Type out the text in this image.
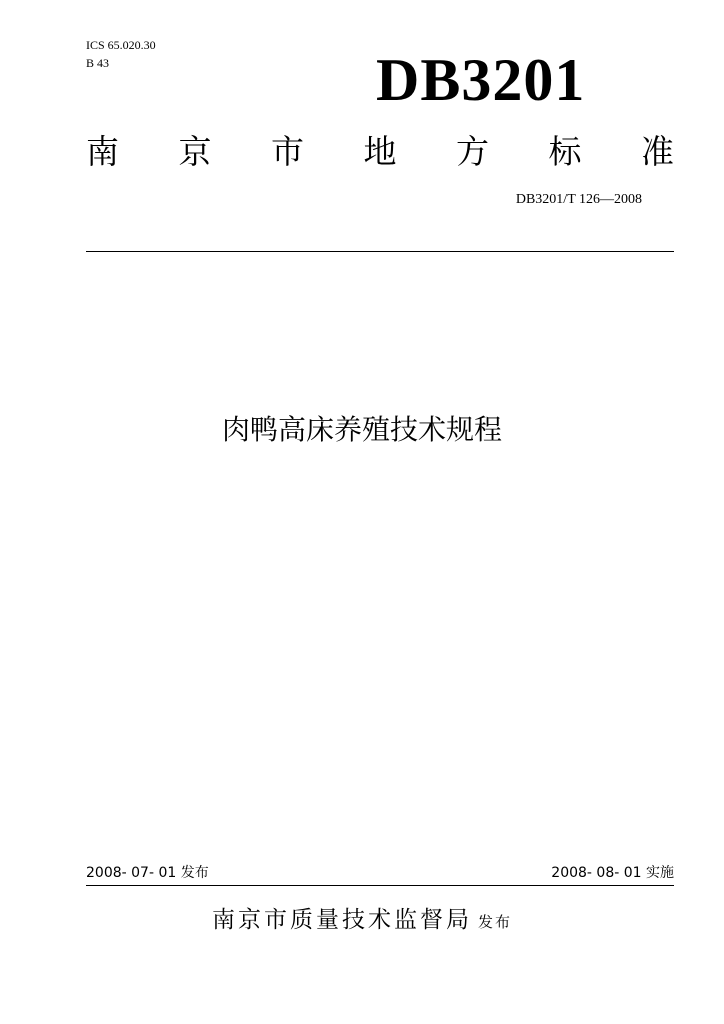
ICS 65.020.30
B 43	DB3201
南 京 市 地 方 标 准
DB3201/T 126—2008
肉鸭高床养殖技术规程
2008- 07- 01 发布	2008- 08- 01 实施
南京市质量技术监督局 发布
